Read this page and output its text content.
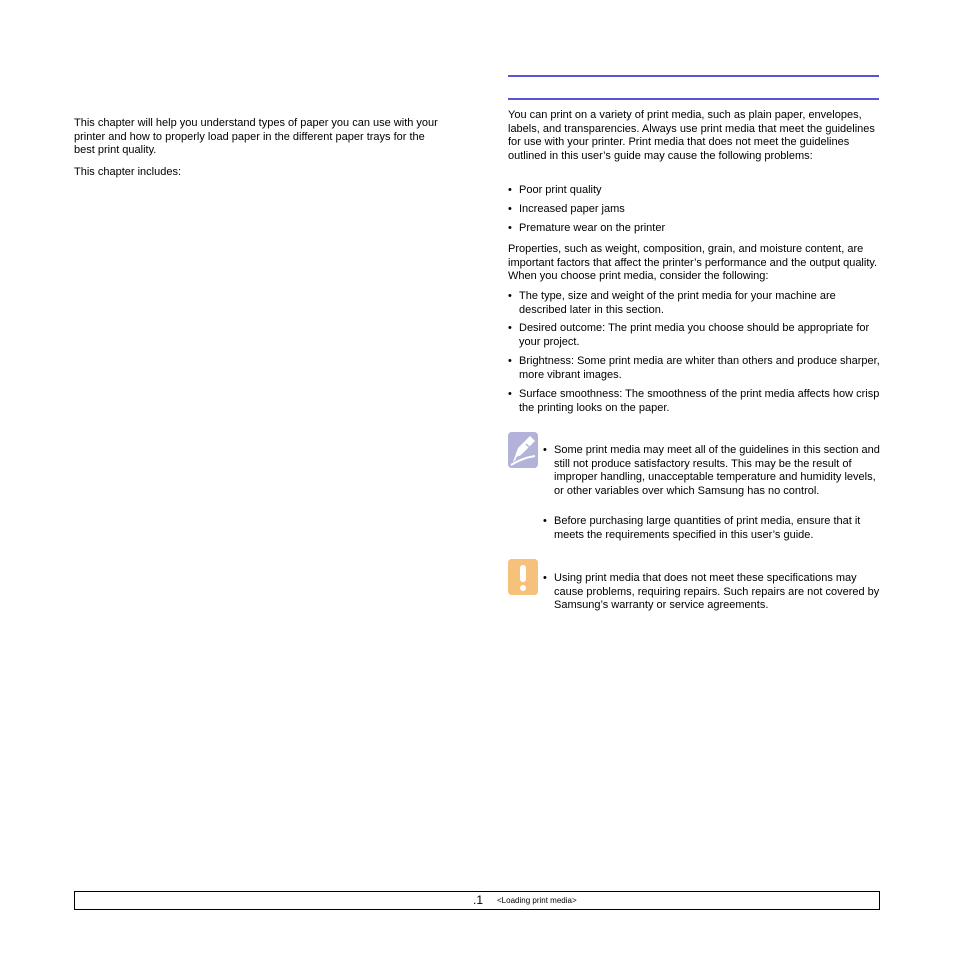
This chapter will help you understand types of paper you can use with your printer and how to properly load paper in the different paper trays for the best print quality.

This chapter includes:

You can print on a variety of print media, such as plain paper, envelopes, labels, and transparencies. Always use print media that meet the guidelines for use with your printer. Print media that does not meet the guidelines outlined in this user’s guide may cause the following problems:

• Poor print quality
• Increased paper jams
• Premature wear on the printer

Properties, such as weight, composition, grain, and moisture content, are important factors that affect the printer’s performance and the output quality. When you choose print media, consider the following:

• The type, size and weight of the print media for your machine are described later in this section.
• Desired outcome: The print media you choose should be appropriate for your project.
• Brightness: Some print media are whiter than others and produce sharper, more vibrant images.
• Surface smoothness: The smoothness of the print media affects how crisp the printing looks on the paper.
• Some print media may meet all of the guidelines in this section and still not produce satisfactory results. This may be the result of improper handling, unacceptable temperature and humidity levels, or other variables over which Samsung has no control.
• Before purchasing large quantities of print media, ensure that it meets the requirements specified in this user’s guide.
• Using print media that does not meet these specifications may cause problems, requiring repairs. Such repairs are not covered by Samsung’s warranty or service agreements.
.1 <Loading print media>
